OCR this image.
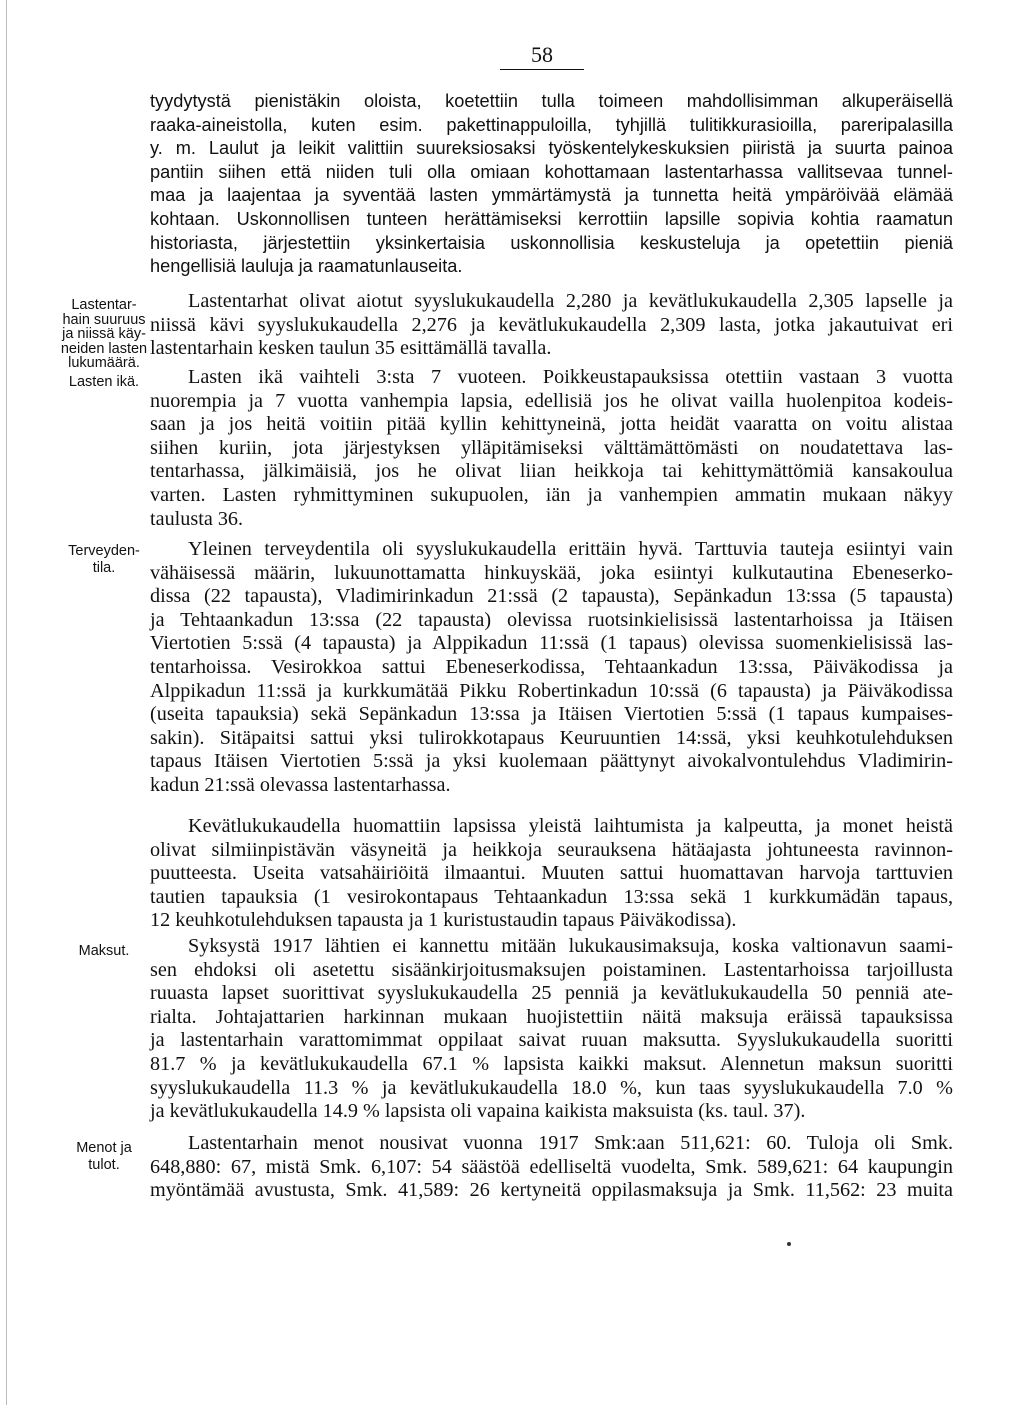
58
Lastentar-
hain suuruus
ja niissä käy-
neiden lasten
lukumäärä.
Lasten ikä.
Terveyden-
tila.
Maksut.
Menot ja
tulot.
tyydytystä pienistäkin oloista, koetettiin tulla toimeen mahdollisimman alkuperäisellä
raaka-aineistolla, kuten esim. pakettinappuloilla, tyhjillä tulitikkurasioilla, pareripalasilla
y. m. Laulut ja leikit valittiin suureksiosaksi työskentelykeskuksien piiristä ja suurta painoa
pantiin siihen että niiden tuli olla omiaan kohottamaan lastentarhassa vallitsevaa tunnel-
maa ja laajentaa ja syventää lasten ymmärtämystä ja tunnetta heitä ympäröivää elämää
kohtaan. Uskonnollisen tunteen herättämiseksi kerrottiin lapsille sopivia kohtia raamatun
historiasta, järjestettiin yksinkertaisia uskonnollisia keskusteluja ja opetettiin pieniä
hengellisiä lauluja ja raamatunlauseita.
Lastentarhat olivat aiotut syyslukukaudella 2,280 ja kevätlukukaudella 2,305 lapselle ja
niissä kävi syyslukukaudella 2,276 ja kevätlukukaudella 2,309 lasta, jotka jakautuivat eri
lastentarhain kesken taulun 35 esittämällä tavalla.
Lasten ikä vaihteli 3:sta 7 vuoteen. Poikkeustapauksissa otettiin vastaan 3 vuotta
nuorempia ja 7 vuotta vanhempia lapsia, edellisiä jos he olivat vailla huolenpitoa kodeis-
saan ja jos heitä voitiin pitää kyllin kehittyneinä, jotta heidät vaaratta on voitu alistaa
siihen kuriin, jota järjestyksen ylläpitämiseksi välttämättömästi on noudatettava las-
tentarhassa, jälkimäisiä, jos he olivat liian heikkoja tai kehittymättömiä kansakoulua
varten. Lasten ryhmittyminen sukupuolen, iän ja vanhempien ammatin mukaan näkyy
taulusta 36.
Yleinen terveydentila oli syyslukukaudella erittäin hyvä. Tarttuvia tauteja esiintyi vain
vähäisessä määrin, lukuunottamatta hinkuyskää, joka esiintyi kulkutautina Ebeneserko-
dissa (22 tapausta), Vladimirinkadun 21:ssä (2 tapausta), Sepänkadun 13:ssa (5 tapausta)
ja Tehtaankadun 13:ssa (22 tapausta) olevissa ruotsinkielisissä lastentarhoissa ja Itäisen
Viertotien 5:ssä (4 tapausta) ja Alppikadun 11:ssä (1 tapaus) olevissa suomenkielisissä las-
tentarhoissa. Vesirokkoa sattui Ebeneserkodissa, Tehtaankadun 13:ssa, Päiväkodissa ja
Alppikadun 11:ssä ja kurkkumätää Pikku Robertinkadun 10:ssä (6 tapausta) ja Päiväkodissa
(useita tapauksia) sekä Sepänkadun 13:ssa ja Itäisen Viertotien 5:ssä (1 tapaus kumpaises-
sakin). Sitäpaitsi sattui yksi tulirokkotapaus Keuruuntien 14:ssä, yksi keuhkotulehduksen
tapaus Itäisen Viertotien 5:ssä ja yksi kuolemaan päättynyt aivokalvontulehdus Vladimirin-
kadun 21:ssä olevassa lastentarhassa.
Kevätlukukaudella huomattiin lapsissa yleistä laihtumista ja kalpeutta, ja monet heistä
olivat silmiinpistävän väsyneitä ja heikkoja seurauksena hätäajasta johtuneesta ravinnon-
puutteesta. Useita vatsahäiriöitä ilmaantui. Muuten sattui huomattavan harvoja tarttuvien
tautien tapauksia (1 vesirokontapaus Tehtaankadun 13:ssa sekä 1 kurkkumädän tapaus,
12 keuhkotulehduksen tapausta ja 1 kuristustaudin tapaus Päiväkodissa).
Syksystä 1917 lähtien ei kannettu mitään lukukausimaksuja, koska valtionavun saami-
sen ehdoksi oli asetettu sisäänkirjoitusmaksujen poistaminen. Lastentarhoissa tarjoillusta
ruuasta lapset suorittivat syyslukukaudella 25 penniä ja kevätlukukaudella 50 penniä ate-
rialta. Johtajattarien harkinnan mukaan huojistettiin näitä maksuja eräissä tapauksissa
ja lastentarhain varattomimmat oppilaat saivat ruuan maksutta. Syyslukukaudella suoritti
81.7 % ja kevätlukukaudella 67.1 % lapsista kaikki maksut. Alennetun maksun suoritti
syyslukukaudella 11.3 % ja kevätlukukaudella 18.0 %, kun taas syyslukukaudella 7.0 %
ja kevätlukukaudella 14.9 % lapsista oli vapaina kaikista maksuista (ks. taul. 37).
Lastentarhain menot nousivat vuonna 1917 Smk:aan 511,621: 60. Tuloja oli Smk.
648,880: 67, mistä Smk. 6,107: 54 säästöä edelliseltä vuodelta, Smk. 589,621: 64 kaupungin
myöntämää avustusta, Smk. 41,589: 26 kertyneitä oppilasmaksuja ja Smk. 11,562: 23 muita
